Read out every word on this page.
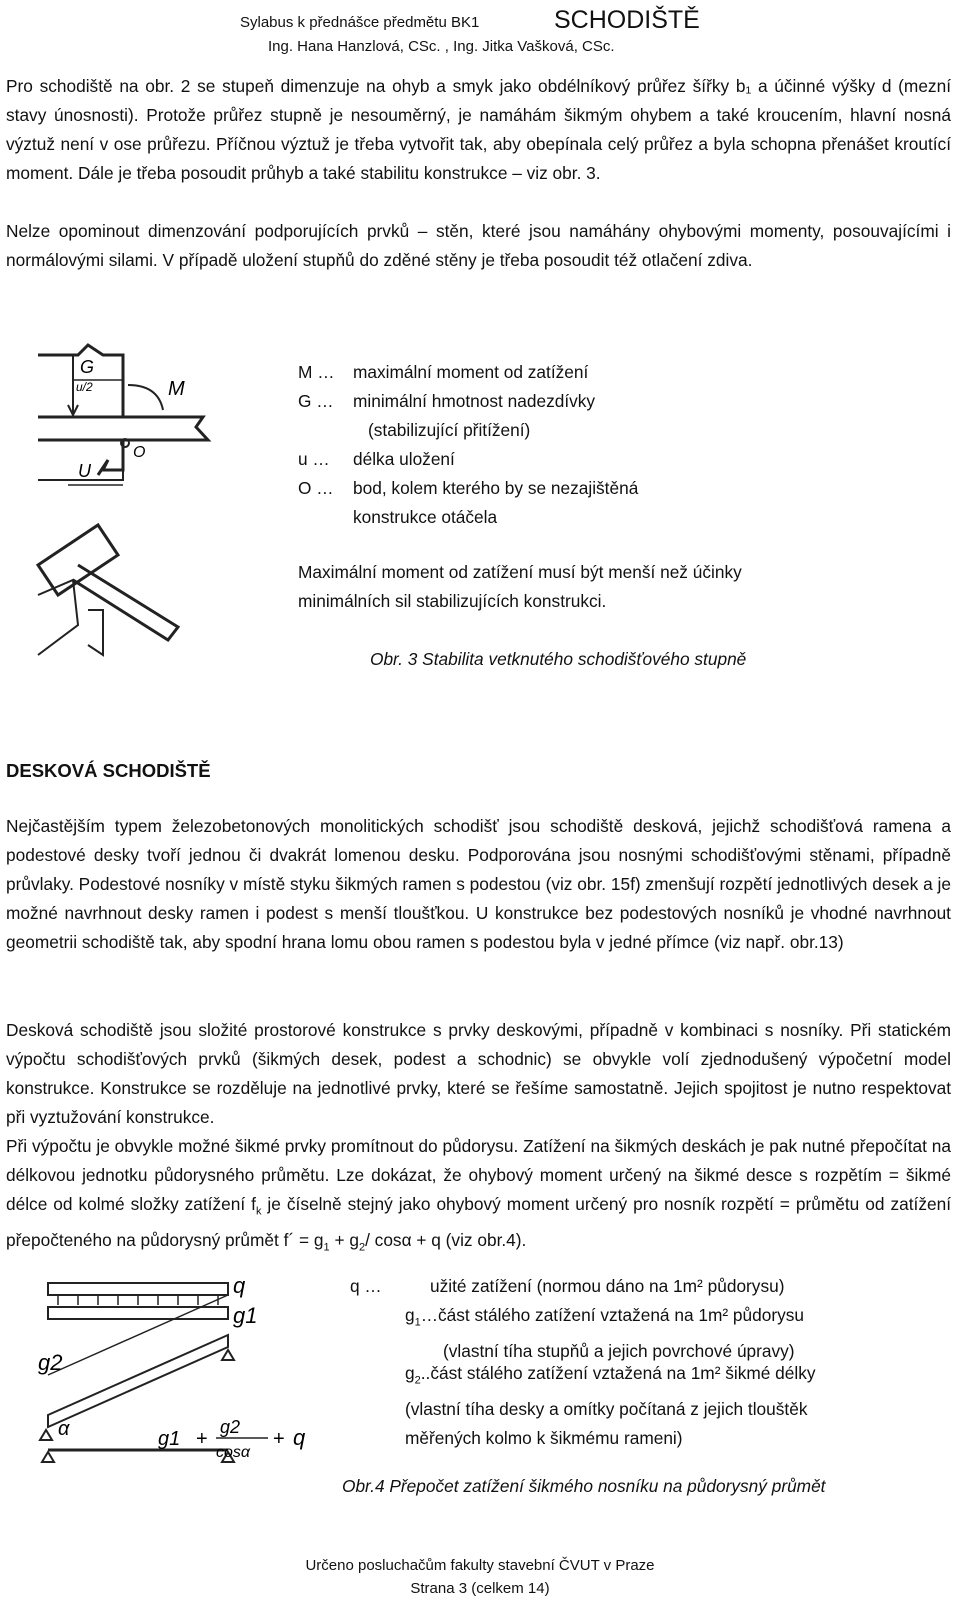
Sylabus k přednášce předmětu BK1	SCHODIŠTĚ
Ing. Hana Hanzlová, CSc. , Ing. Jitka Vašková, CSc.
Pro schodiště na obr. 2 se stupeň dimenzuje na ohyb a smyk jako obdélníkový průřez šířky b₁ a účinné výšky d (mezní stavy únosnosti). Protože průřez stupně je nesouměrný, je namáhám šikmým ohybem a také kroucením, hlavní nosná výztuž není v ose průřezu. Příčnou výztuž je třeba vytvořit tak, aby obepínala celý průřez a byla schopna přenášet kroutící moment. Dále je třeba posoudit průhyb a také stabilitu konstrukce – viz obr. 3.
Nelze opominout dimenzování podporujících prvků – stěn, které jsou namáhány ohybovými momenty, posouvajícími i normálovými silami. V případě uložení stupňů do zděné stěny je třeba posoudit též otlačení zdiva.
G
u/2	M
O
U
M … maximální moment od zatížení
G … minimální hmotnost nadezdívky
(stabilizující přitížení)
u … délka uložení
O … bod, kolem kterého by se nezajištěná
konstrukce otáčela
Maximální moment od zatížení musí být menší než účinky
minimálních sil stabilizujících konstrukci.
Obr. 3 Stabilita vetknutého schodišťového stupně
DESKOVÁ SCHODIŠTĚ
Nejčastějším typem železobetonových monolitických schodišť jsou schodiště desková, jejichž schodišťová ramena a podestové desky tvoří jednou či dvakrát lomenou desku. Podporována jsou nosnými schodišťovými stěnami, případně průvlaky. Podestové nosníky v místě styku šikmých ramen s podestou (viz obr. 15f) zmenšují rozpětí jednotlivých desek a je možné navrhnout desky ramen i podest s menší tloušťkou. U konstrukce bez podestových nosníků je vhodné navrhnout geometrii schodiště tak, aby spodní hrana lomu obou ramen s podestou byla v jedné přímce (viz např. obr.13)
Desková schodiště jsou složité prostorové konstrukce s prvky deskovými, případně v kombinaci s nosníky. Při statickém výpočtu schodišťových prvků (šikmých desek, podest a schodnic) se obvykle volí zjednodušený výpočetní model konstrukce. Konstrukce se rozděluje na jednotlivé prvky, které se řešíme samostatně. Jejich spojitost je nutno respektovat při vyztužování konstrukce.
Při výpočtu je obvykle možné šikmé prvky promítnout do půdorysu. Zatížení na šikmých deskách je pak nutné přepočítat na délkovou jednotku půdorysného průmětu. Lze dokázat, že ohybový moment určený na šikmé desce s rozpětím = šikmé délce od kolmé složky zatížení $f_k$ je číselně stejný jako ohybový moment určený pro nosník rozpětí = průmětu od zatížení přepočteného na půdorysný průmět f´ = $g_1 + g_2/$ cosα + q (viz obr.4).
q
g1
g2
α	g1 +
g2
cosα
+ q
q …	užité zatížení (normou dáno na 1m² půdorysu)
$g_1\dots část$ stálého zatížení vztažená na 1m² půdorysu
(vlastní tíha stupňů a jejich povrchové úpravy)
$g_2..část$ stálého zatížení vztažená na 1m² šikmé délky
(vlastní tíha desky a omítky počítaná z jejich tlouštěk
měřených kolmo k šikmému rameni)
Obr.4 Přepočet zatížení šikmého nosníku na půdorysný průmět
Určeno posluchačům fakulty stavební ČVUT v Praze
Strana 3 (celkem 14)
